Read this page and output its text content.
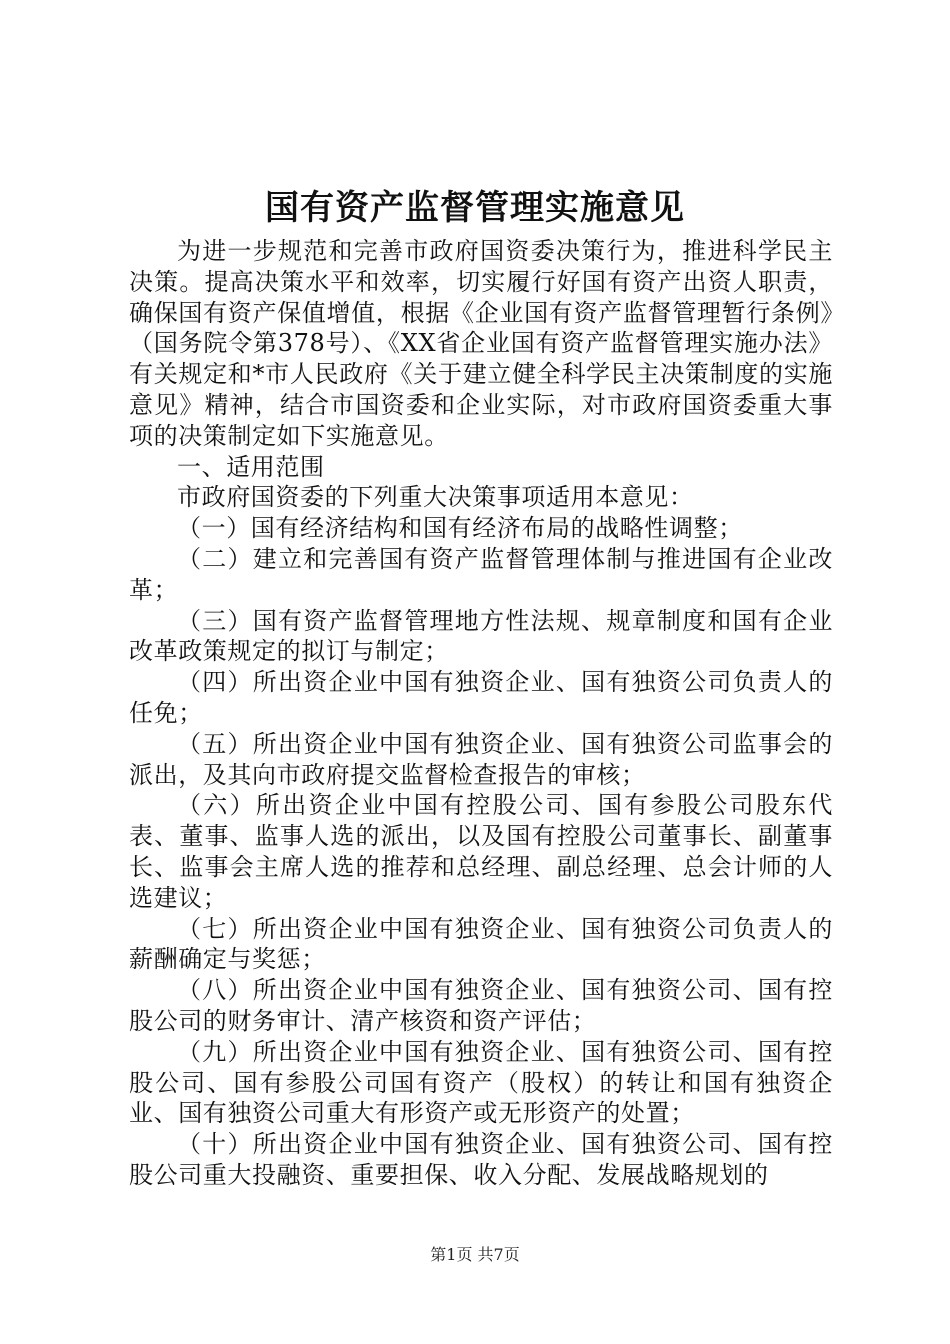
国有资产监督管理实施意见

为进一步规范和完善市政府国资委决策行为，推进科学民主决策。提高决策水平和效率，切实履行好国有资产出资人职责，确保国有资产保值增值，根据《企业国有资产监督管理暂行条例》（国务院令第378号）、《XX省企业国有资产监督管理实施办法》有关规定和*市人民政府《关于建立健全科学民主决策制度的实施意见》精神，结合市国资委和企业实际，对市政府国资委重大事项的决策制定如下实施意见。

一、适用范围

市政府国资委的下列重大决策事项适用本意见：

（一）国有经济结构和国有经济布局的战略性调整；

（二）建立和完善国有资产监督管理体制与推进国有企业改革；

（三）国有资产监督管理地方性法规、规章制度和国有企业改革政策规定的拟订与制定；

（四）所出资企业中国有独资企业、国有独资公司负责人的任免；

（五）所出资企业中国有独资企业、国有独资公司监事会的派出，及其向市政府提交监督检查报告的审核；

（六）所出资企业中国有控股公司、国有参股公司股东代表、董事、监事人选的派出，以及国有控股公司董事长、副董事长、监事会主席人选的推荐和总经理、副总经理、总会计师的人选建议；

（七）所出资企业中国有独资企业、国有独资公司负责人的薪酬确定与奖惩；

（八）所出资企业中国有独资企业、国有独资公司、国有控股公司的财务审计、清产核资和资产评估；

（九）所出资企业中国有独资企业、国有独资公司、国有控股公司、国有参股公司国有资产（股权）的转让和国有独资企业、国有独资公司重大有形资产或无形资产的处置；

（十）所出资企业中国有独资企业、国有独资公司、国有控股公司重大投融资、重要担保、收入分配、发展战略规划的

第1页 共7页
